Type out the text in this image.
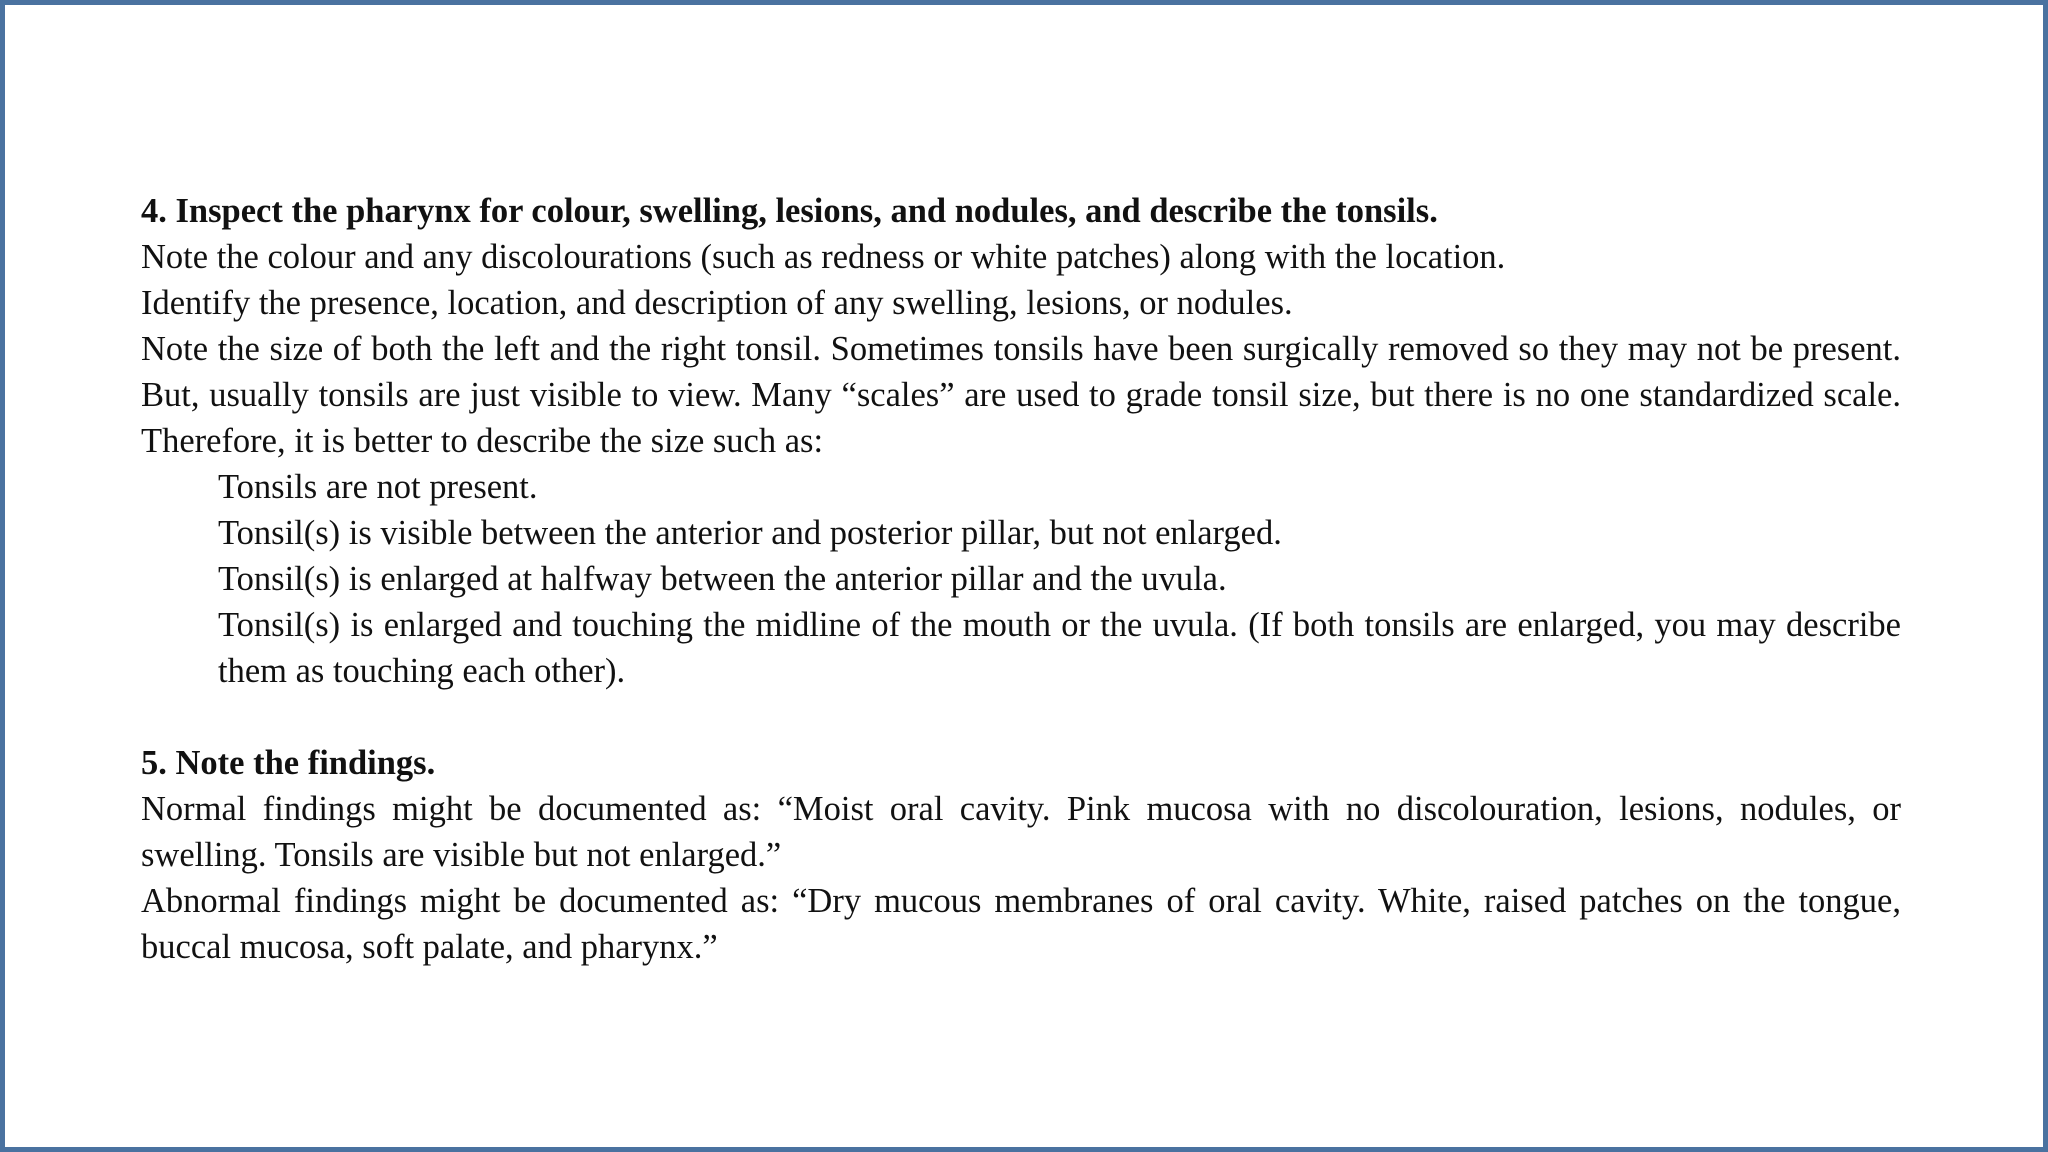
4. Inspect the pharynx for colour, swelling, lesions, and nodules, and describe the tonsils.

Note the colour and any discolourations (such as redness or white patches) along with the location.

Identify the presence, location, and description of any swelling, lesions, or nodules.

Note the size of both the left and the right tonsil. Sometimes tonsils have been surgically removed so they may not be present. But, usually tonsils are just visible to view. Many “scales” are used to grade tonsil size, but there is no one standardized scale. Therefore, it is better to describe the size such as:

Tonsils are not present.

Tonsil(s) is visible between the anterior and posterior pillar, but not enlarged.

Tonsil(s) is enlarged at halfway between the anterior pillar and the uvula.

Tonsil(s) is enlarged and touching the midline of the mouth or the uvula. (If both tonsils are enlarged, you may describe them as touching each other).

5. Note the findings.

Normal findings might be documented as: “Moist oral cavity. Pink mucosa with no discolouration, lesions, nodules, or swelling. Tonsils are visible but not enlarged.”

Abnormal findings might be documented as: “Dry mucous membranes of oral cavity. White, raised patches on the tongue, buccal mucosa, soft palate, and pharynx.”
